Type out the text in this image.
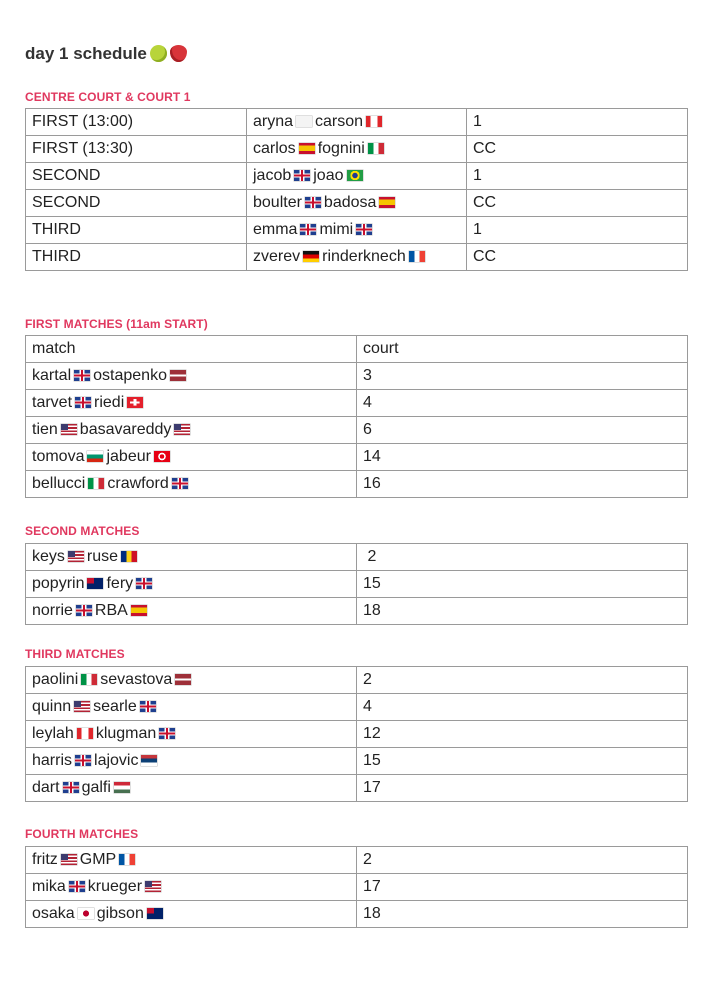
day 1 schedule
CENTRE COURT & COURT 1
FIRST (13:00)	aryna carson	1
FIRST (13:30)	carlos fognini	CC
SECOND	jacob joao	1
SECOND	boulter badosa	CC
THIRD	emma mimi	1
THIRD	zverev rinderknech	CC
FIRST MATCHES (11am START)
match	court
kartal ostapenko	3
tarvet riedi	4
tien basavareddy	6
tomova jabeur	14
bellucci crawford	16
SECOND MATCHES
keys ruse	2
popyrin fery	15
norrie RBA	18
THIRD MATCHES
paolini sevastova	2
quinn searle	4
leylah klugman	12
harris lajovic	15
dart galfi	17
FOURTH MATCHES
fritz GMP	2
mika krueger	17
osaka gibson	18
